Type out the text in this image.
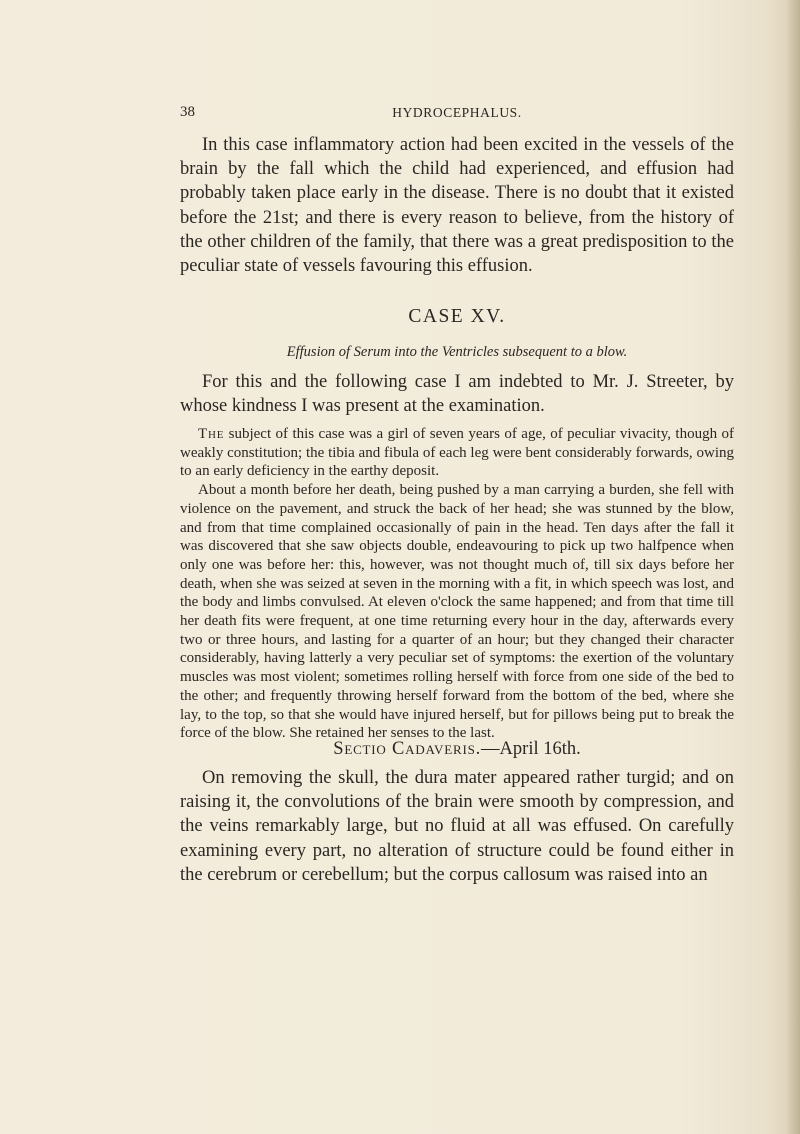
38	HYDROCEPHALUS.

In this case inflammatory action had been excited in the vessels of the brain by the fall which the child had experienced, and effusion had probably taken place early in the disease. There is no doubt that it existed before the 21st; and there is every reason to believe, from the history of the other children of the family, that there was a great predisposition to the peculiar state of vessels favouring this effusion.

CASE XV.
Effusion of Serum into the Ventricles subsequent to a blow.

For this and the following case I am indebted to Mr. J. Streeter, by whose kindness I was present at the examination.

The subject of this case was a girl of seven years of age, of peculiar vivacity, though of weakly constitution; the tibia and fibula of each leg were bent considerably forwards, owing to an early deficiency in the earthy deposit.

About a month before her death, being pushed by a man carrying a burden, she fell with violence on the pavement, and struck the back of her head; she was stunned by the blow, and from that time complained occasionally of pain in the head. Ten days after the fall it was discovered that she saw objects double, endeavouring to pick up two halfpence when only one was before her: this, however, was not thought much of, till six days before her death, when she was seized at seven in the morning with a fit, in which speech was lost, and the body and limbs convulsed. At eleven o'clock the same happened; and from that time till her death fits were frequent, at one time returning every hour in the day, afterwards every two or three hours, and lasting for a quarter of an hour; but they changed their character considerably, having latterly a very peculiar set of symptoms: the exertion of the voluntary muscles was most violent; sometimes rolling herself with force from one side of the bed to the other; and frequently throwing herself forward from the bottom of the bed, where she lay, to the top, so that she would have injured herself, but for pillows being put to break the force of the blow. She retained her senses to the last.

Sectio Cadaveris.—April 16th.

On removing the skull, the dura mater appeared rather turgid; and on raising it, the convolutions of the brain were smooth by compression, and the veins remarkably large, but no fluid at all was effused. On carefully examining every part, no alteration of structure could be found either in the cerebrum or cerebellum; but the corpus callosum was raised into an
